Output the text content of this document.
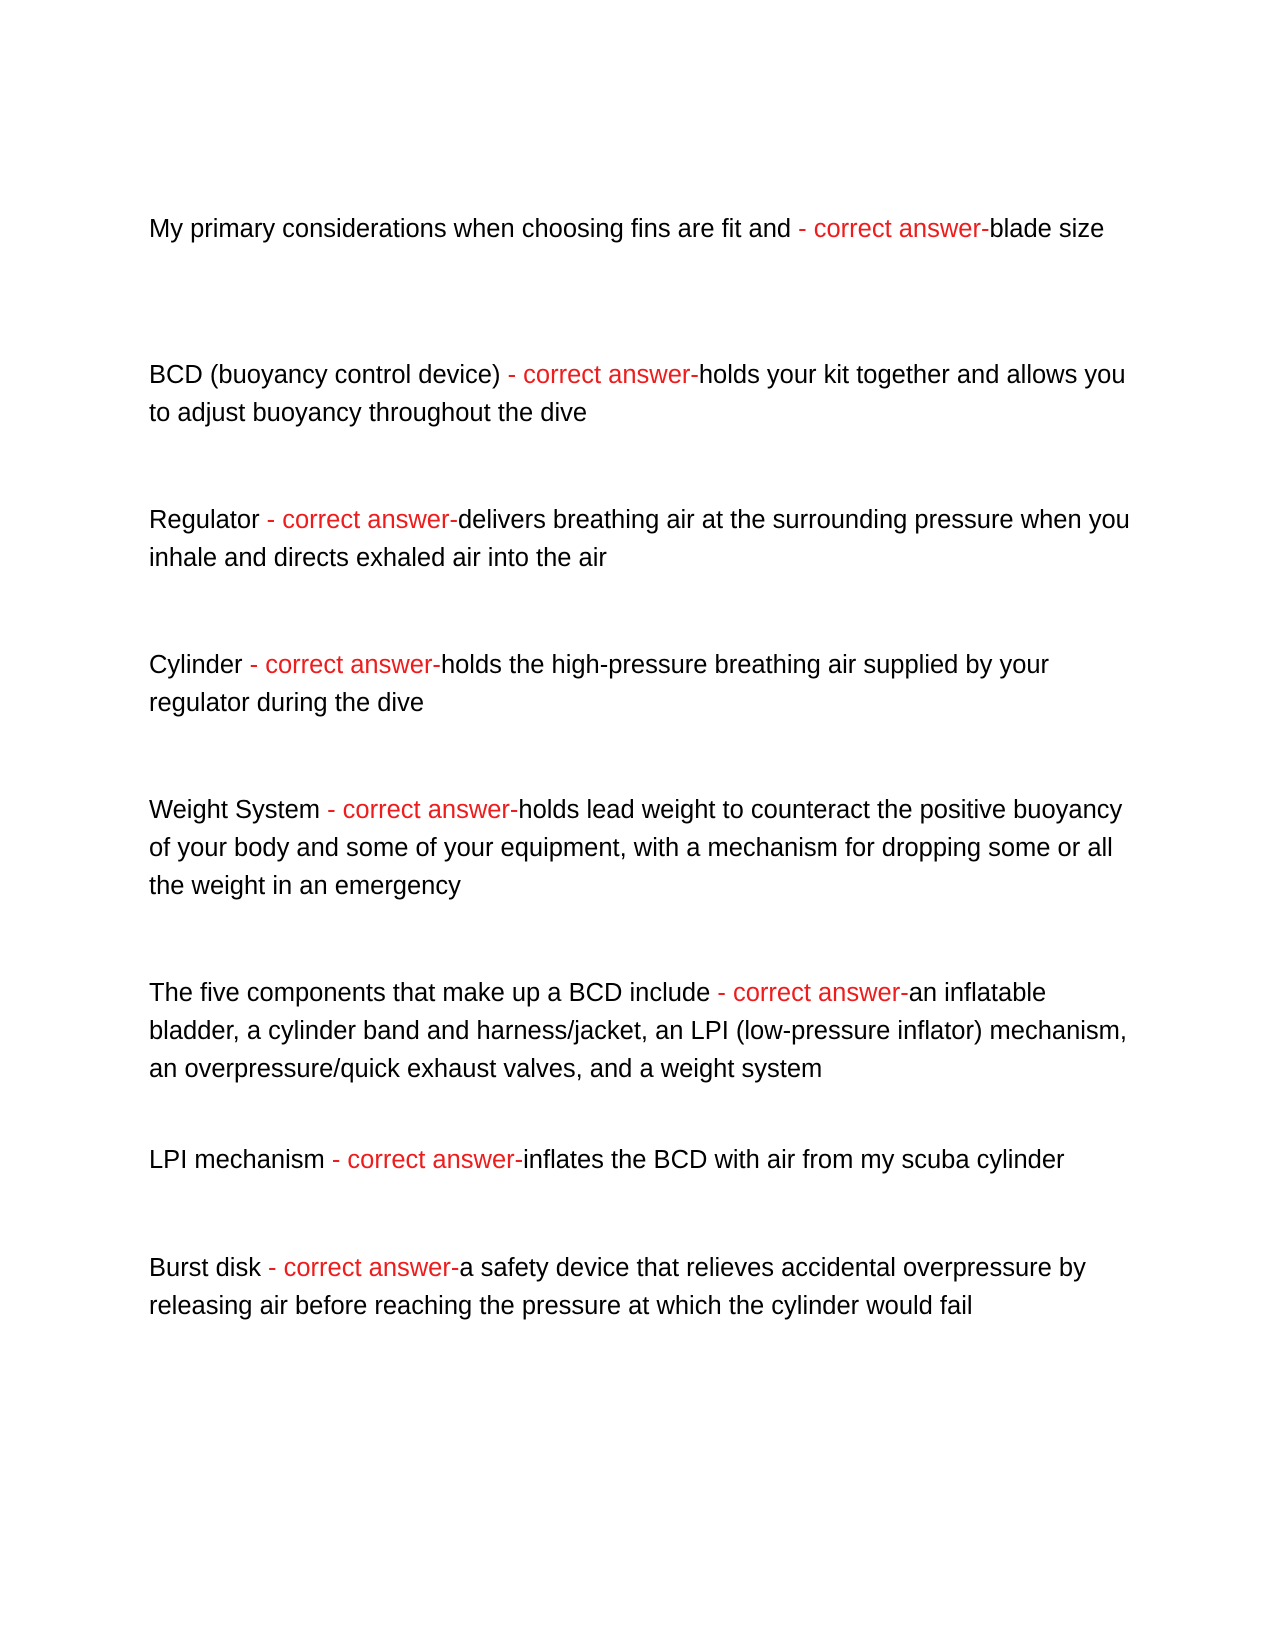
My primary considerations when choosing fins are fit and - correct answer-blade size

BCD (buoyancy control device) - correct answer-holds your kit together and allows you to adjust buoyancy throughout the dive

Regulator - correct answer-delivers breathing air at the surrounding pressure when you inhale and directs exhaled air into the air

Cylinder - correct answer-holds the high-pressure breathing air supplied by your regulator during the dive

Weight System - correct answer-holds lead weight to counteract the positive buoyancy of your body and some of your equipment, with a mechanism for dropping some or all the weight in an emergency

The five components that make up a BCD include - correct answer-an inflatable bladder, a cylinder band and harness/jacket, an LPI (low-pressure inflator) mechanism, an overpressure/quick exhaust valves, and a weight system

LPI mechanism - correct answer-inflates the BCD with air from my scuba cylinder

Burst disk - correct answer-a safety device that relieves accidental overpressure by releasing air before reaching the pressure at which the cylinder would fail
